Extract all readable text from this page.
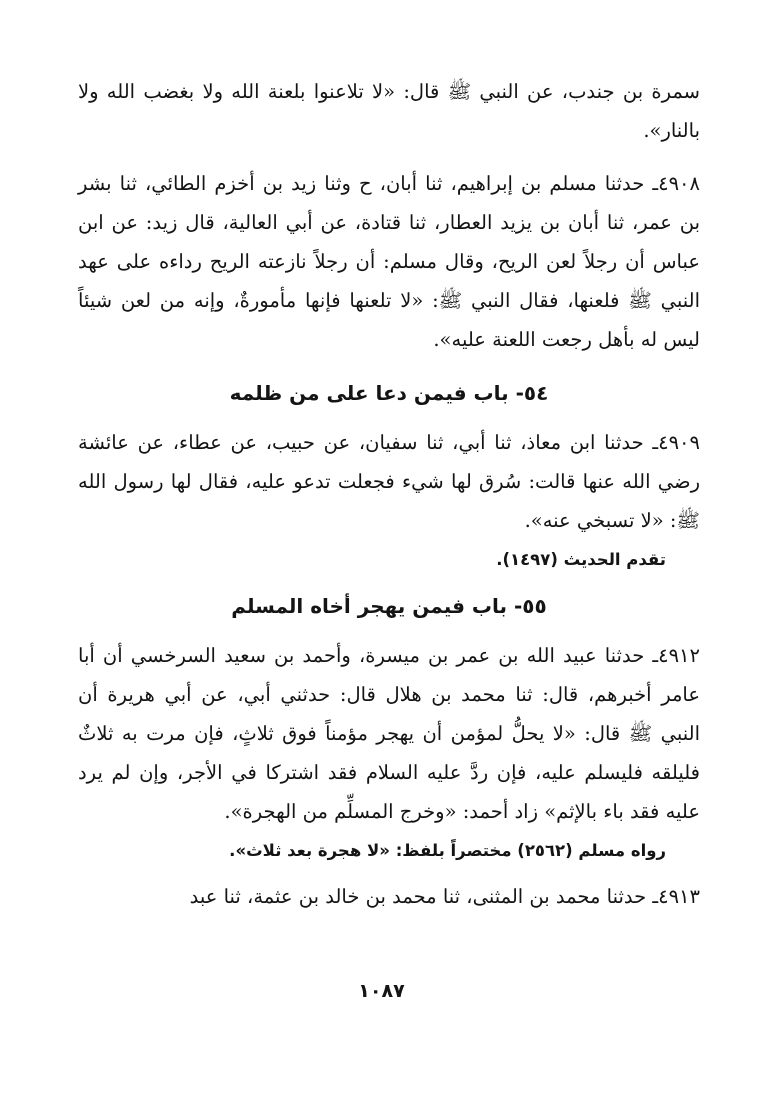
سمرة بن جندب، عن النبي ﷺ قال: «لا تلاعنوا بلعنة الله ولا بغضب الله ولا بالنار».

٤٩٠٨ـ حدثنا مسلم بن إبراهيم، ثنا أبان، ح وثنا زيد بن أخزم الطائي، ثنا بشر بن عمر، ثنا أبان بن يزيد العطار، ثنا قتادة، عن أبي العالية، قال زيد: عن ابن عباس أن رجلاً لعن الريح، وقال مسلم: أن رجلاً نازعته الريح رداءه على عهد النبي ﷺ فلعنها، فقال النبي ﷺ: «لا تلعنها فإنها مأمورةٌ، وإنه من لعن شيئاً ليس له بأهل رجعت اللعنة عليه».

٥٤- باب فيمن دعا على من ظلمه

٤٩٠٩ـ حدثنا ابن معاذ، ثنا أبي، ثنا سفيان، عن حبيب، عن عطاء، عن عائشة رضي الله عنها قالت: سُرق لها شيء فجعلت تدعو عليه، فقال لها رسول الله ﷺ: «لا تسبخي عنه».

تقدم الحديث (١٤٩٧).
٥٥- باب فيمن يهجر أخاه المسلم

٤٩١٢ـ حدثنا عبيد الله بن عمر بن ميسرة، وأحمد بن سعيد السرخسي أن أبا عامر أخبرهم، قال: ثنا محمد بن هلال قال: حدثني أبي، عن أبي هريرة أن النبي ﷺ قال: «لا يحلُّ لمؤمن أن يهجر مؤمناً فوق ثلاثٍ، فإن مرت به ثلاثٌ فليلقه فليسلم عليه، فإن ردَّ عليه السلام فقد اشتركا في الأجر، وإن لم يرد عليه فقد باء بالإثم» زاد أحمد: «وخرج المسلِّم من الهجرة».

رواه مسلم (٢٥٦٢) مختصراً بلفظ: «لا هجرة بعد ثلاث».

٤٩١٣ـ حدثنا محمد بن المثنى، ثنا محمد بن خالد بن عثمة، ثنا عبد

١٠٨٧
